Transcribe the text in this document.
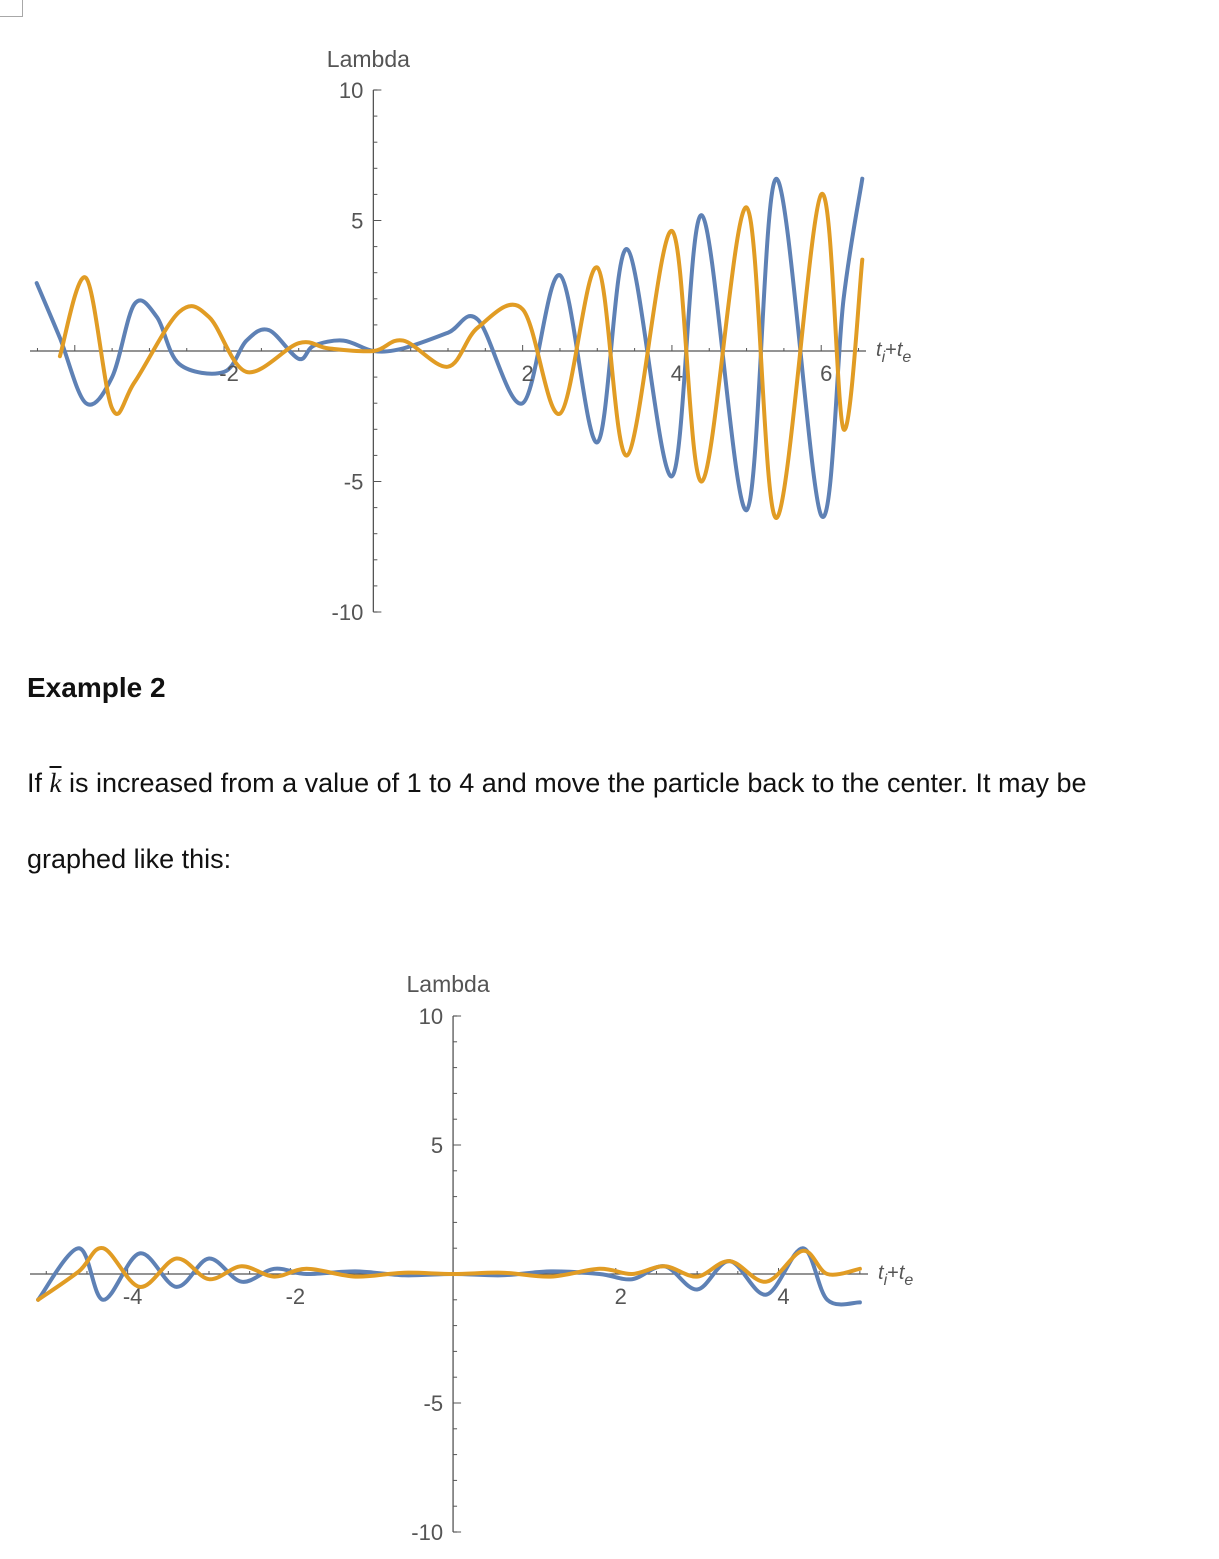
10
5
-5
-10
Lambda
$t_i+t_e$
-2	2	4	6
Example 2

If $\overline{k}$ is increased from a value of 1 to 4 and move the particle back to the center. It may be

graphed like this:

10
5
-5
-10
Lambda
$t_i+t_e$
-4	-2	2	4
